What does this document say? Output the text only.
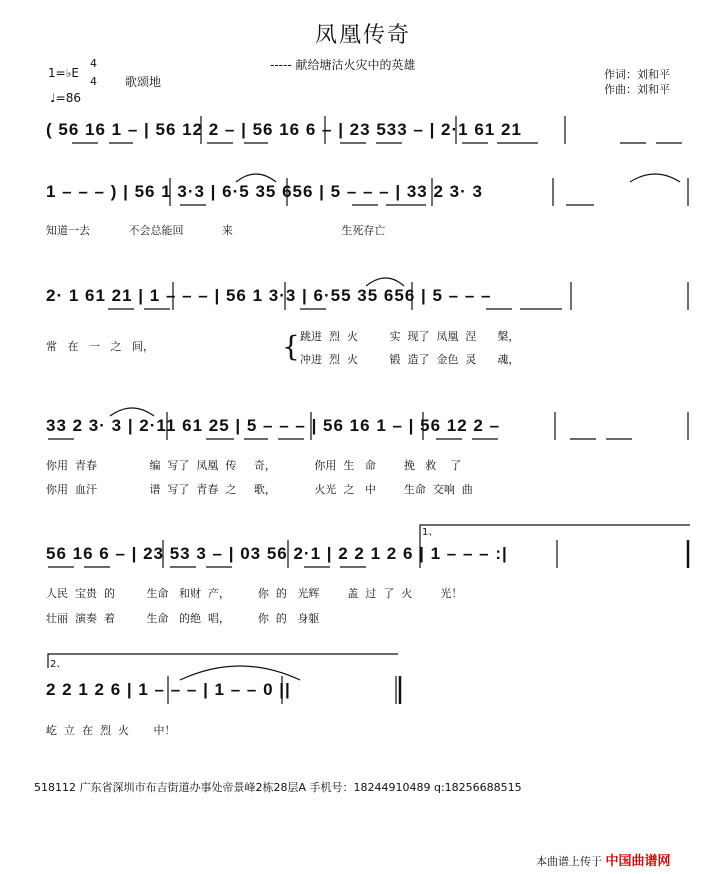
凤凰传奇
----- 献给塘沽火灾中的英雄
作词：刘和平
作曲：刘和平
1=♭E
4
4 歌颂地
♩=86
( 56 16 1 – | 56 12 2 – | 56 16 6 – | 23 533 – | 2·1 61 21
1 – – – ) | 56 1 3·3 | 6·5 35 656 | 5 – – – | 33 2 3· 3
2· 1 61 21 | 1 – – – | 56 1 3·3 | 6·55 35 656 | 5 – – –
33 2 3· 3 | 2·11 61 25 | 5 – – – | 56 16 1 – | 56 12 2 –
56 16 6 – | 23 53 3 – | 03 56 2·1 | 2 2 1 2 6 | 1 – – – :|
2 2 1 2 6 | 1 – – – | 1 – – 0 ||
1、
2、
知道一去           不会总能回           来                               生死存亡
常   在   一   之   间，	{ 跳进  烈  火         实  现了  凤凰  涅      槃，
冲进  烈  火         锻  造了  金色  灵      魂，
你用  青春               编  写了  凤凰  传     奇，           你用  生   命        挽   救    了
你用  血汗               谱  写了  青春  之     歌，           火光  之   中        生命  交响  曲
人民  宝贵  的         生命   和财  产，        你  的   光辉        盖  过  了  火        光！
壮丽  演奏  着         生命   的绝  唱，        你  的   身躯
屹  立  在  烈  火       中！
518112 广东省深圳市布吉街道办事处帝景峰2栋28层A 手机号：18244910489 q:18256688515
本曲谱上传于 中国曲谱网
